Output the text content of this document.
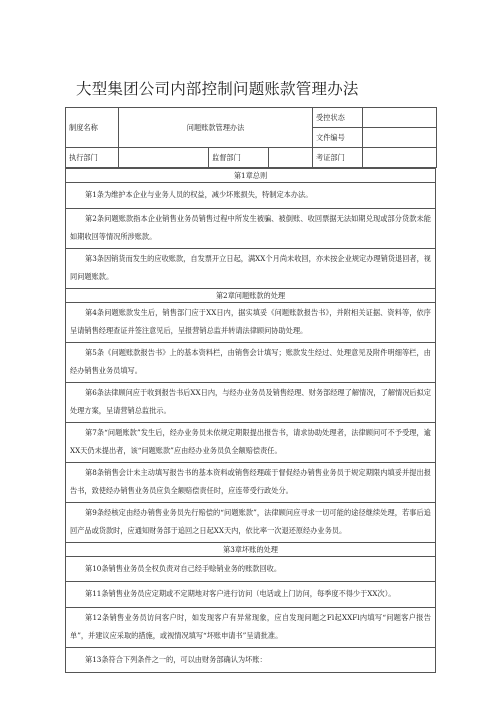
大型集团公司内部控制问题账款管理办法
制度名称	问题账款管理办法			受控状态	
				文件编号	
执行部门		监督部门		考证部门	
第1章总则
第1条为维护本企业与业务人员的权益，减少坏账损失，特制定本办法。
第2条问题账款指本企业销售业务员销售过程中所发生被骗、被倒账、收回票据无法如期兑现或部分货款未能如期收回等情况所涉账款。
第3条因销货而发生的应收账款，自发票开立日起，满XX个月尚未收回，亦未按企业规定办理销货退回者，视同问题账款。
第2章问题账款的处理
第4条问题账款发生后，销售部门应于XX日内，据实填妥《问题账款报告书》，并附相关证据、资料等，依序呈请销售经理查证并签注意见后，呈报营销总监并转请法律顾问协助处理。
第5条《问题账款报告书》上的基本资料栏，由销售会计填写；账款发生经过、处理意见及附件明细等栏，由经办销售业务员填写。
第6条法律顾问应于收到报告书后XX日内，与经办业务员及销售经理、财务部经理了解情况，了解情况后拟定处理方案，呈请营销总监批示。
第7条“问题账款”发生后，经办业务员未依规定期限提出报告书，请求协助处理者，法律顾问可不予受理，逾XX天仍未提出者，该“问题账款”应由经办业务员负全额赔偿责任。
第8条销售会计未主动填写报告书的基本资料或销售经理疏于督促经办销售业务员于规定期限内填妥并提出报告书，致使经办销售业务员应负全额赔偿责任时，应连带受行政处分。
第9条经核定由经办销售业务员先行赔偿的“问题账款”，法律顾问应寻求一切可能的途径继续处理，若事后追回产品或货款时，应通知财务部于追回之日起XX天内，依比率一次退还原经办业务员。
第3章坏账的处理
第10条销售业务员全权负责对自己经手赊销业务的账款回收。
第11条销售业务员应定期或不定期地对客户进行访问（电话或上门访问，每季度不得少于XX次）。
第12条销售业务员访问客户时，如发现客户有异常现象，应自发现问题之Fl起XXFl内填写“问题客户报告单”，并建议应采取的措施，或视情况填写“坏账申请书”呈请批准。
第13条符合下列条件之一的，可以由财务部确认为坏账：
